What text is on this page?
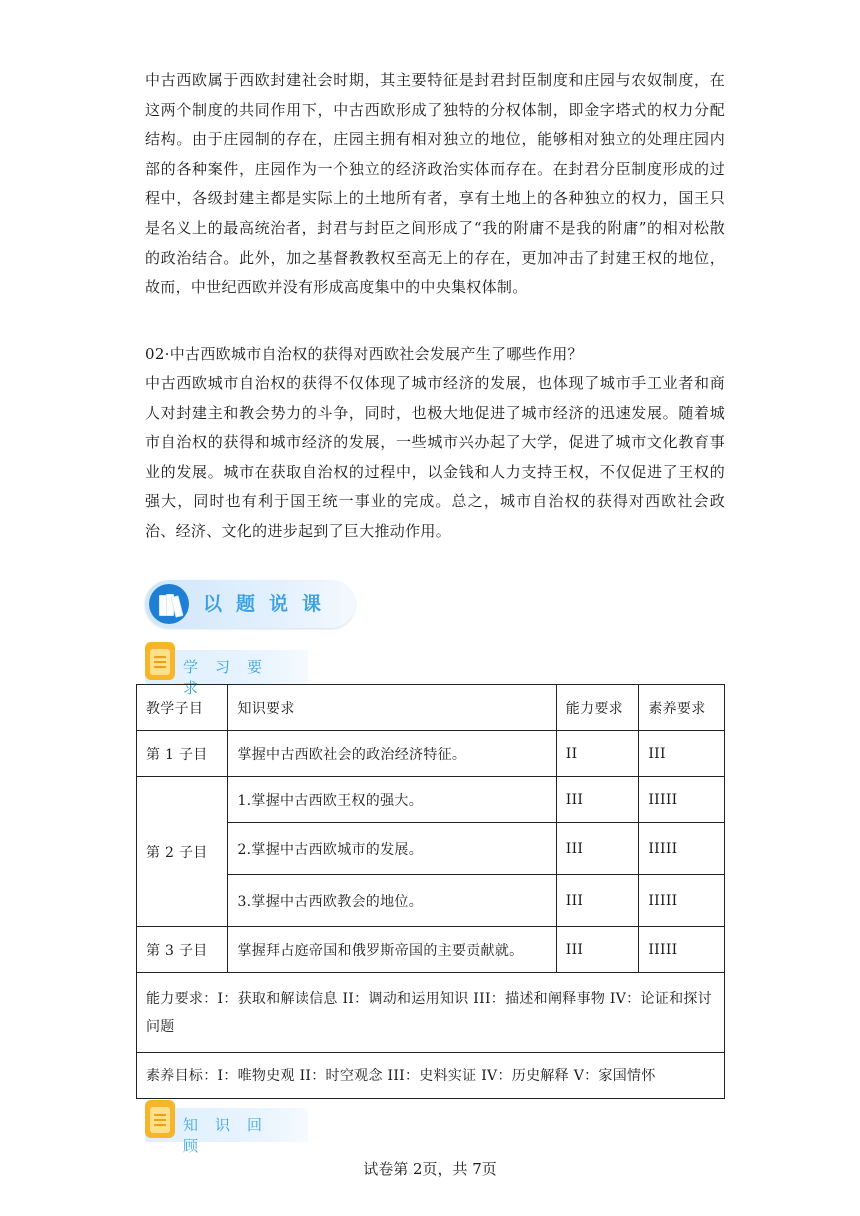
中古西欧属于西欧封建社会时期，其主要特征是封君封臣制度和庄园与农奴制度，在这两个制度的共同作用下，中古西欧形成了独特的分权体制，即金字塔式的权力分配结构。由于庄园制的存在，庄园主拥有相对独立的地位，能够相对独立的处理庄园内部的各种案件，庄园作为一个独立的经济政治实体而存在。在封君分臣制度形成的过程中，各级封建主都是实际上的土地所有者，享有土地上的各种独立的权力，国王只是名义上的最高统治者，封君与封臣之间形成了“我的附庸不是我的附庸”的相对松散的政治结合。此外，加之基督教教权至高无上的存在，更加冲击了封建王权的地位，故而，中世纪西欧并没有形成高度集中的中央集权体制。
02·中古西欧城市自治权的获得对西欧社会发展产生了哪些作用？
中古西欧城市自治权的获得不仅体现了城市经济的发展，也体现了城市手工业者和商人对封建主和教会势力的斗争，同时，也极大地促进了城市经济的迅速发展。随着城市自治权的获得和城市经济的发展，一些城市兴办起了大学，促进了城市文化教育事业的发展。城市在获取自治权的过程中，以金钱和人力支持王权，不仅促进了王权的强大，同时也有利于国王统一事业的完成。总之，城市自治权的获得对西欧社会政治、经济、文化的进步起到了巨大推动作用。
以题说课
学习要求
教学子目	知识要求	能力要求	素养要求
第 1 子目	掌握中古西欧社会的政治经济特征。	II	III
第 2 子目	1.掌握中古西欧王权的强大。	III	IIIII
	2.掌握中古西欧城市的发展。	III	IIIII
	3.掌握中古西欧教会的地位。	III	IIIII
第 3 子目	掌握拜占庭帝国和俄罗斯帝国的主要贡献就。	III	IIIII
能力要求：I：获取和解读信息 II：调动和运用知识 III：描述和阐释事物 IV：论证和探讨问题			
素养目标：I：唯物史观 II：时空观念 III：史料实证 IV：历史解释 V：家国情怀			
知识回顾
试卷第 2页，共 7页
